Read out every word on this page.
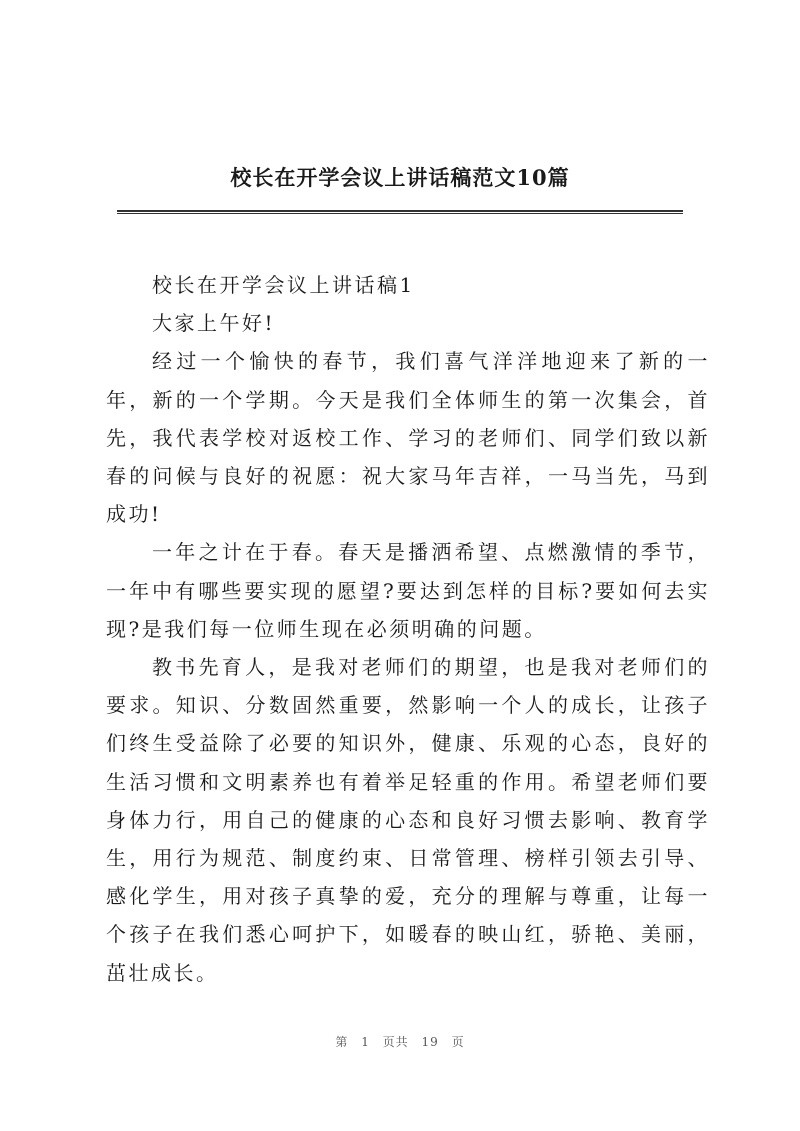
校长在开学会议上讲话稿范文10篇

校长在开学会议上讲话稿1

大家上午好!

经过一个愉快的春节，我们喜气洋洋地迎来了新的一年，新的一个学期。今天是我们全体师生的第一次集会，首先，我代表学校对返校工作、学习的老师们、同学们致以新春的问候与良好的祝愿：祝大家马年吉祥，一马当先，马到成功!

一年之计在于春。春天是播洒希望、点燃激情的季节，一年中有哪些要实现的愿望?要达到怎样的目标?要如何去实现?是我们每一位师生现在必须明确的问题。

教书先育人，是我对老师们的期望，也是我对老师们的要求。知识、分数固然重要，然影响一个人的成长，让孩子们终生受益除了必要的知识外，健康、乐观的心态，良好的生活习惯和文明素养也有着举足轻重的作用。希望老师们要身体力行，用自己的健康的心态和良好习惯去影响、教育学生，用行为规范、制度约束、日常管理、榜样引领去引导、感化学生，用对孩子真挚的爱，充分的理解与尊重，让每一个孩子在我们悉心呵护下，如暖春的映山红，骄艳、美丽，茁壮成长。

第 1 页共 19 页
